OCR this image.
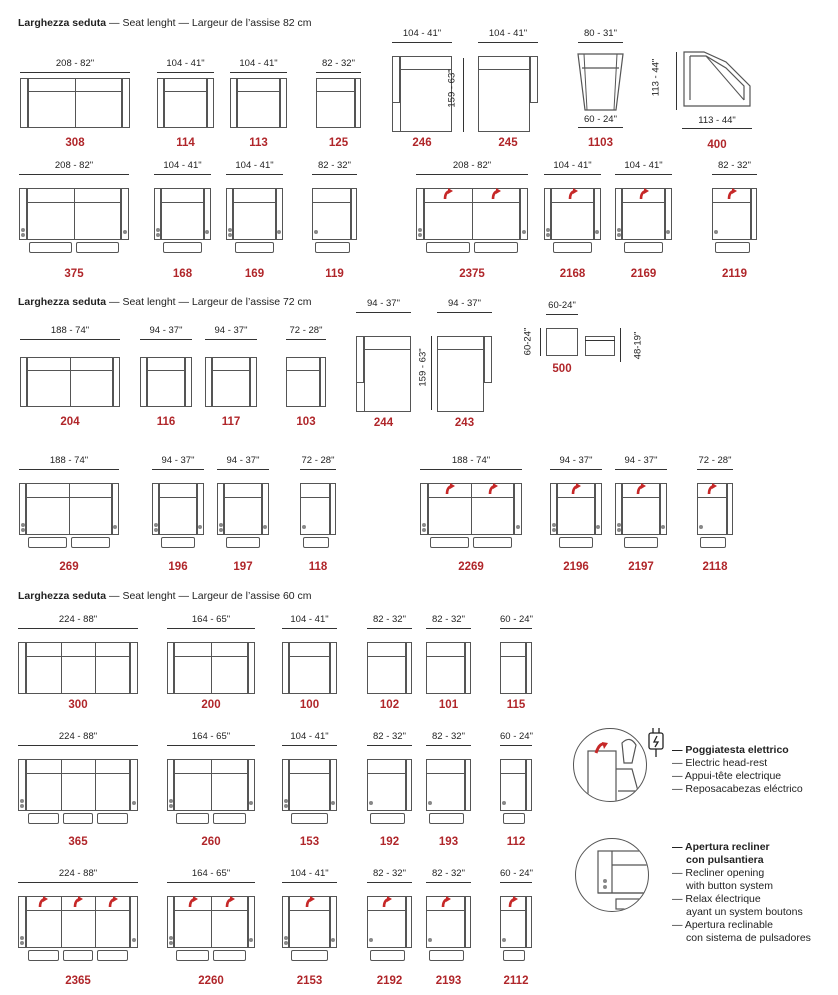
Larghezza seduta — Seat lenght — Largeur de l’assise 82 cm
Larghezza seduta — Seat lenght — Largeur de l’assise 72 cm
Larghezza seduta — Seat lenght — Largeur de l’assise 60 cm
208 - 82"
308
104 - 41"
114
104 - 41"
113
82 - 32"
125
104 - 41"
246
104 - 41"
245
80 - 31"
60 - 24"
1103
113 - 44"
400
208 - 82"
375
104 - 41"
168
104 - 41"
169
82 - 32"
119
208 - 82"
2375
104 - 41"
2168
104 - 41"
2169
82 - 32"
2119
188 - 74"
204
94 - 37"
116
94 - 37"
117
72 - 28"
103
94 - 37"
244
94 - 37"
243
60-24"
60-24"	48-19"
500
188 - 74"
269
94 - 37"
196
94 - 37"
197
72 - 28"
118
188 - 74"
2269
94 - 37"
2196
94 - 37"
2197
72 - 28"
2118
224 - 88"
300
164 - 65"
200
104 - 41"
100
82 - 32"
102
82 - 32"
101
60 - 24"
115
224 - 88"
365
164 - 65"
260
104 - 41"
153
82 - 32"
192
82 - 32"
193
60 - 24"
112
224 - 88"
2365
164 - 65"
2260
104 - 41"
2153
82 - 32"
2192
82 - 32"
2193
60 - 24"
2112
159 - 63"
159 - 63"
113 - 44"
— Poggiatesta elettrico
— Electric head-rest
— Appui-tête electrique
— Reposacabezas eléctrico
— Apertura recliner
con pulsantiera
— Recliner opening
with button system
— Relax électrique
ayant un system boutons
— Apertura reclinable
con sistema de pulsadores
